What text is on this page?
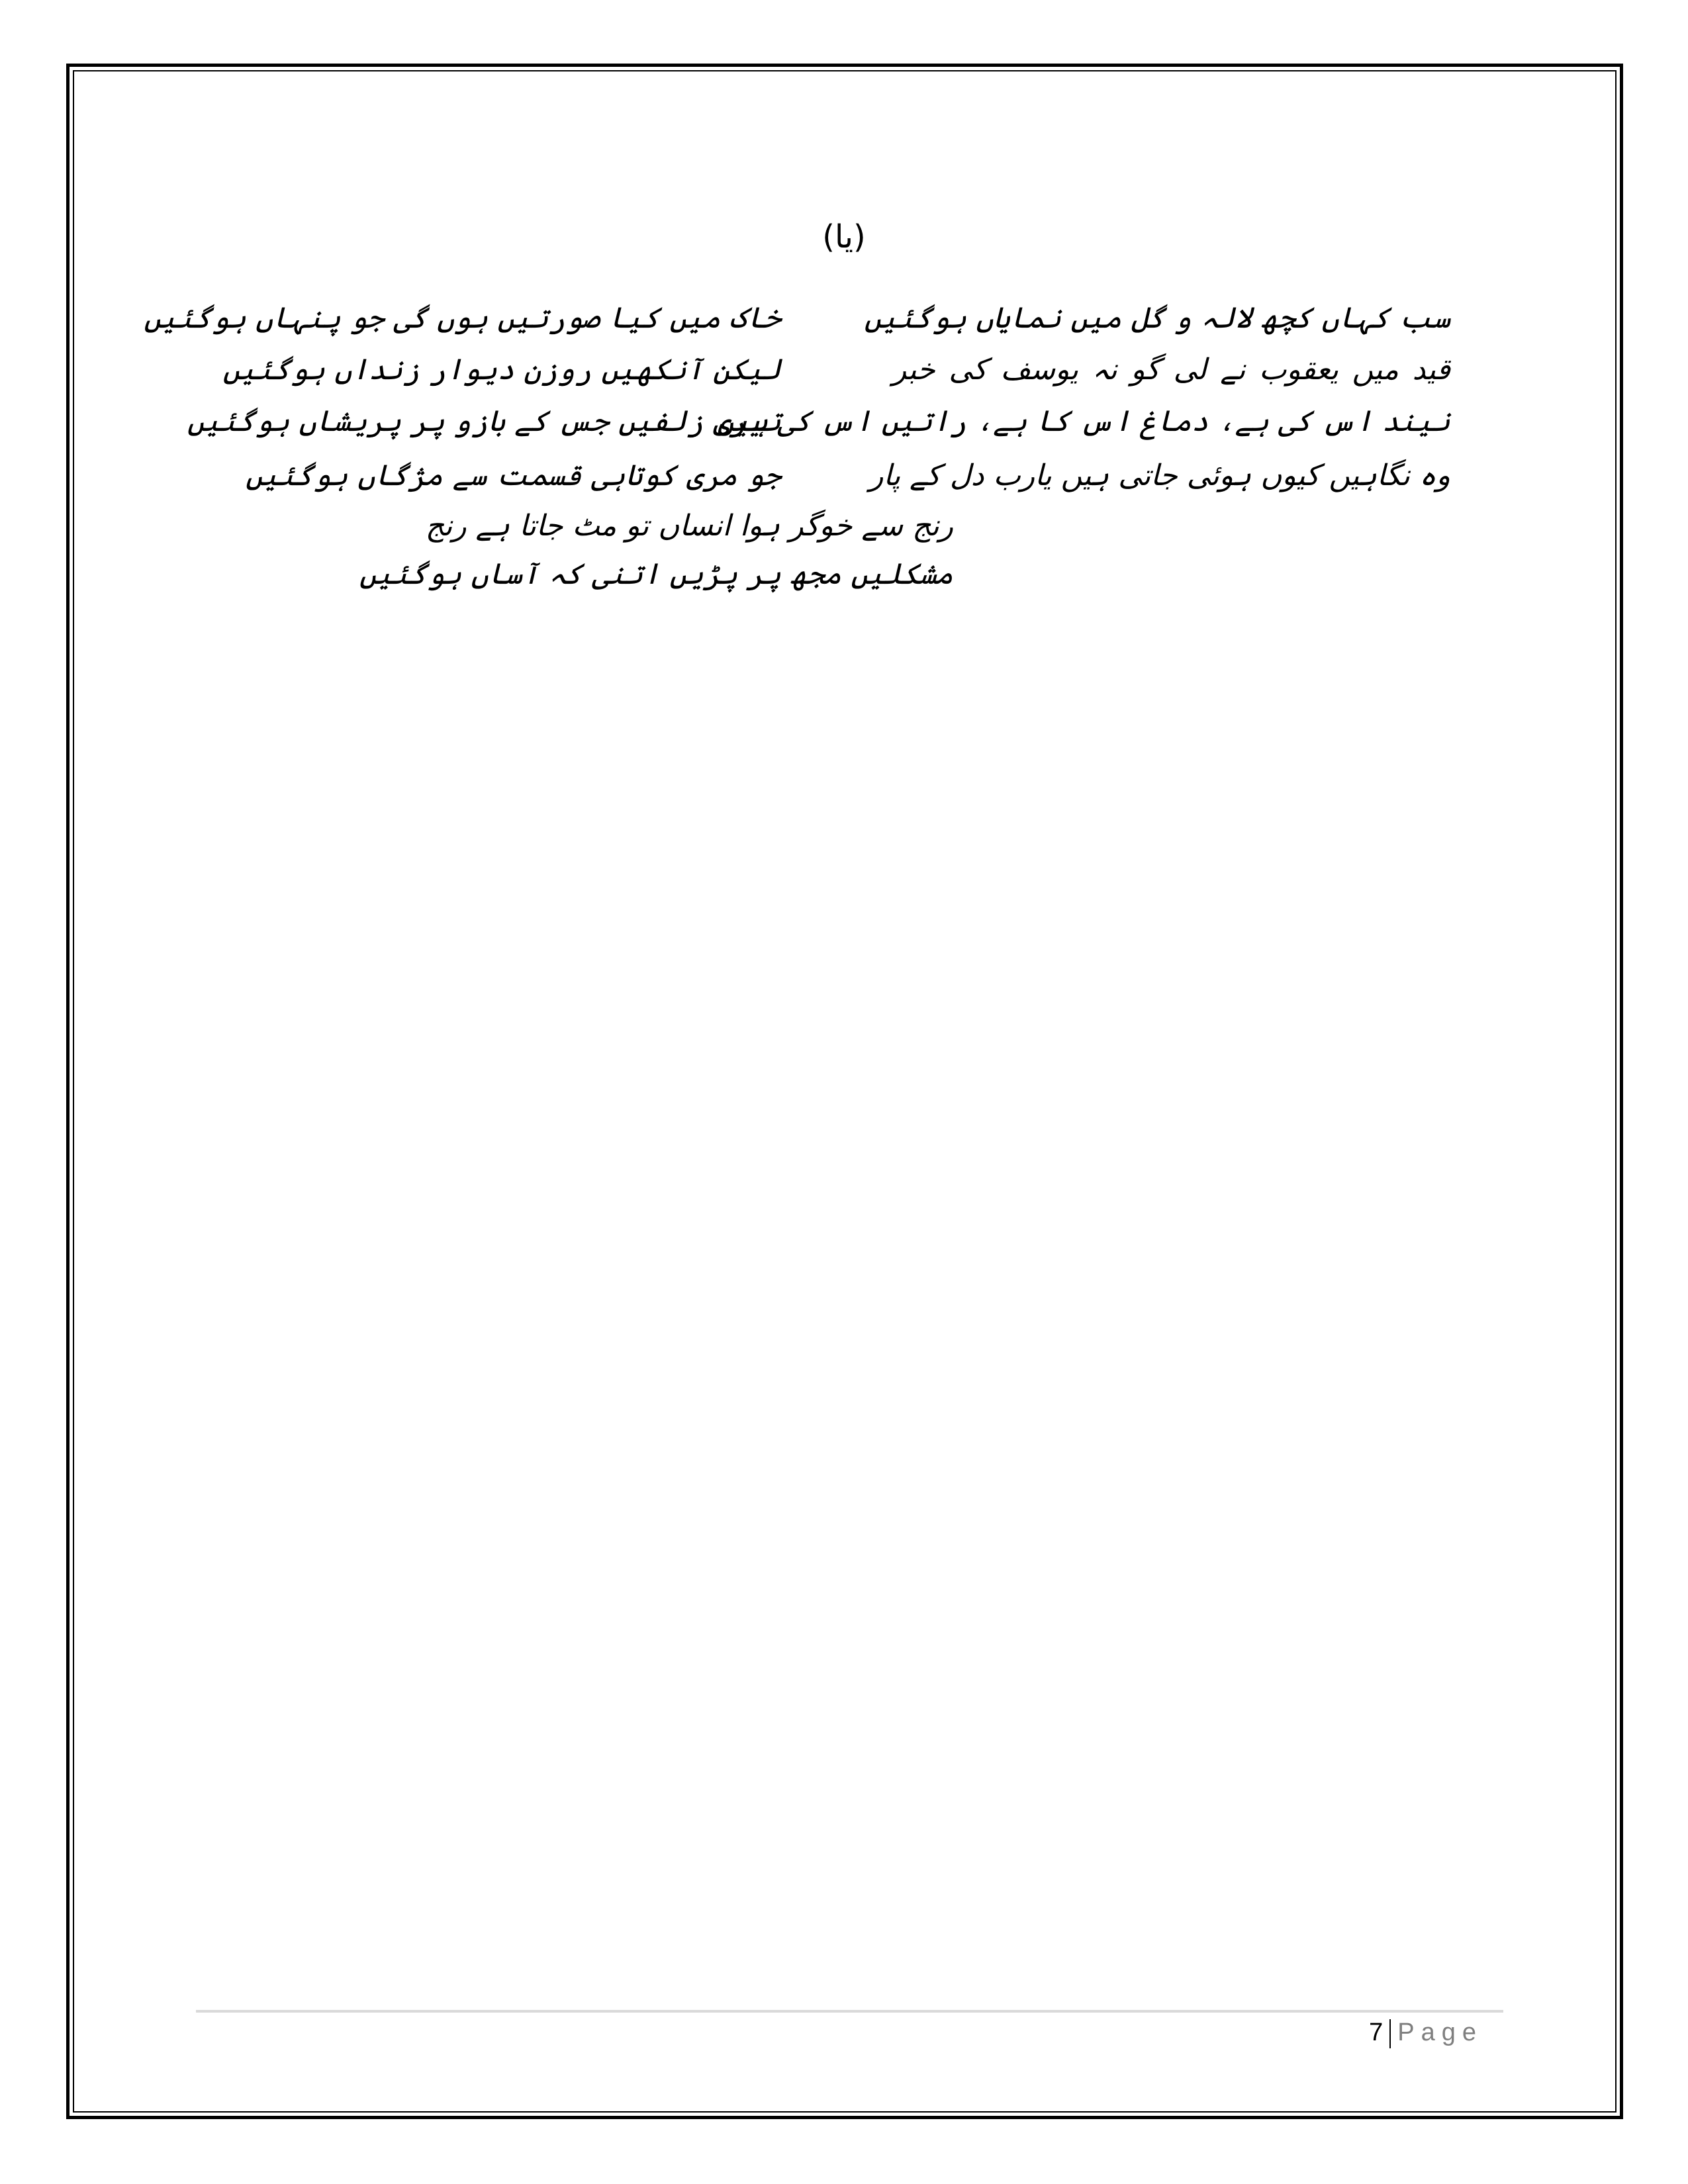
(یا)
سب کہاں کچھ لالہ و گل میں نمایاں ہوگئیں
خاک میں کیا صورتیں ہوں گی جو پنہاں ہوگئیں
قید میں یعقوب نے لی گو نہ یوسف کی خبر
لیکن آنکھیں روزن دیوار زنداں ہوگئیں
نیند اس کی ہے، دماغ اس کا ہے، راتیں اس کی ہیں
تیری زلفیں جس کے بازو پر پریشاں ہوگئیں
وہ نگاہیں کیوں ہوئی جاتی ہیں یارب دل کے پار
جو مری کوتاہی قسمت سے مژگاں ہوگئیں
رنج سے خوگر ہوا انساں تو مٹ جاتا ہے رنج
مشکلیں مجھ پر پڑیں اتنی کہ آساں ہوگئیں
7 Page
